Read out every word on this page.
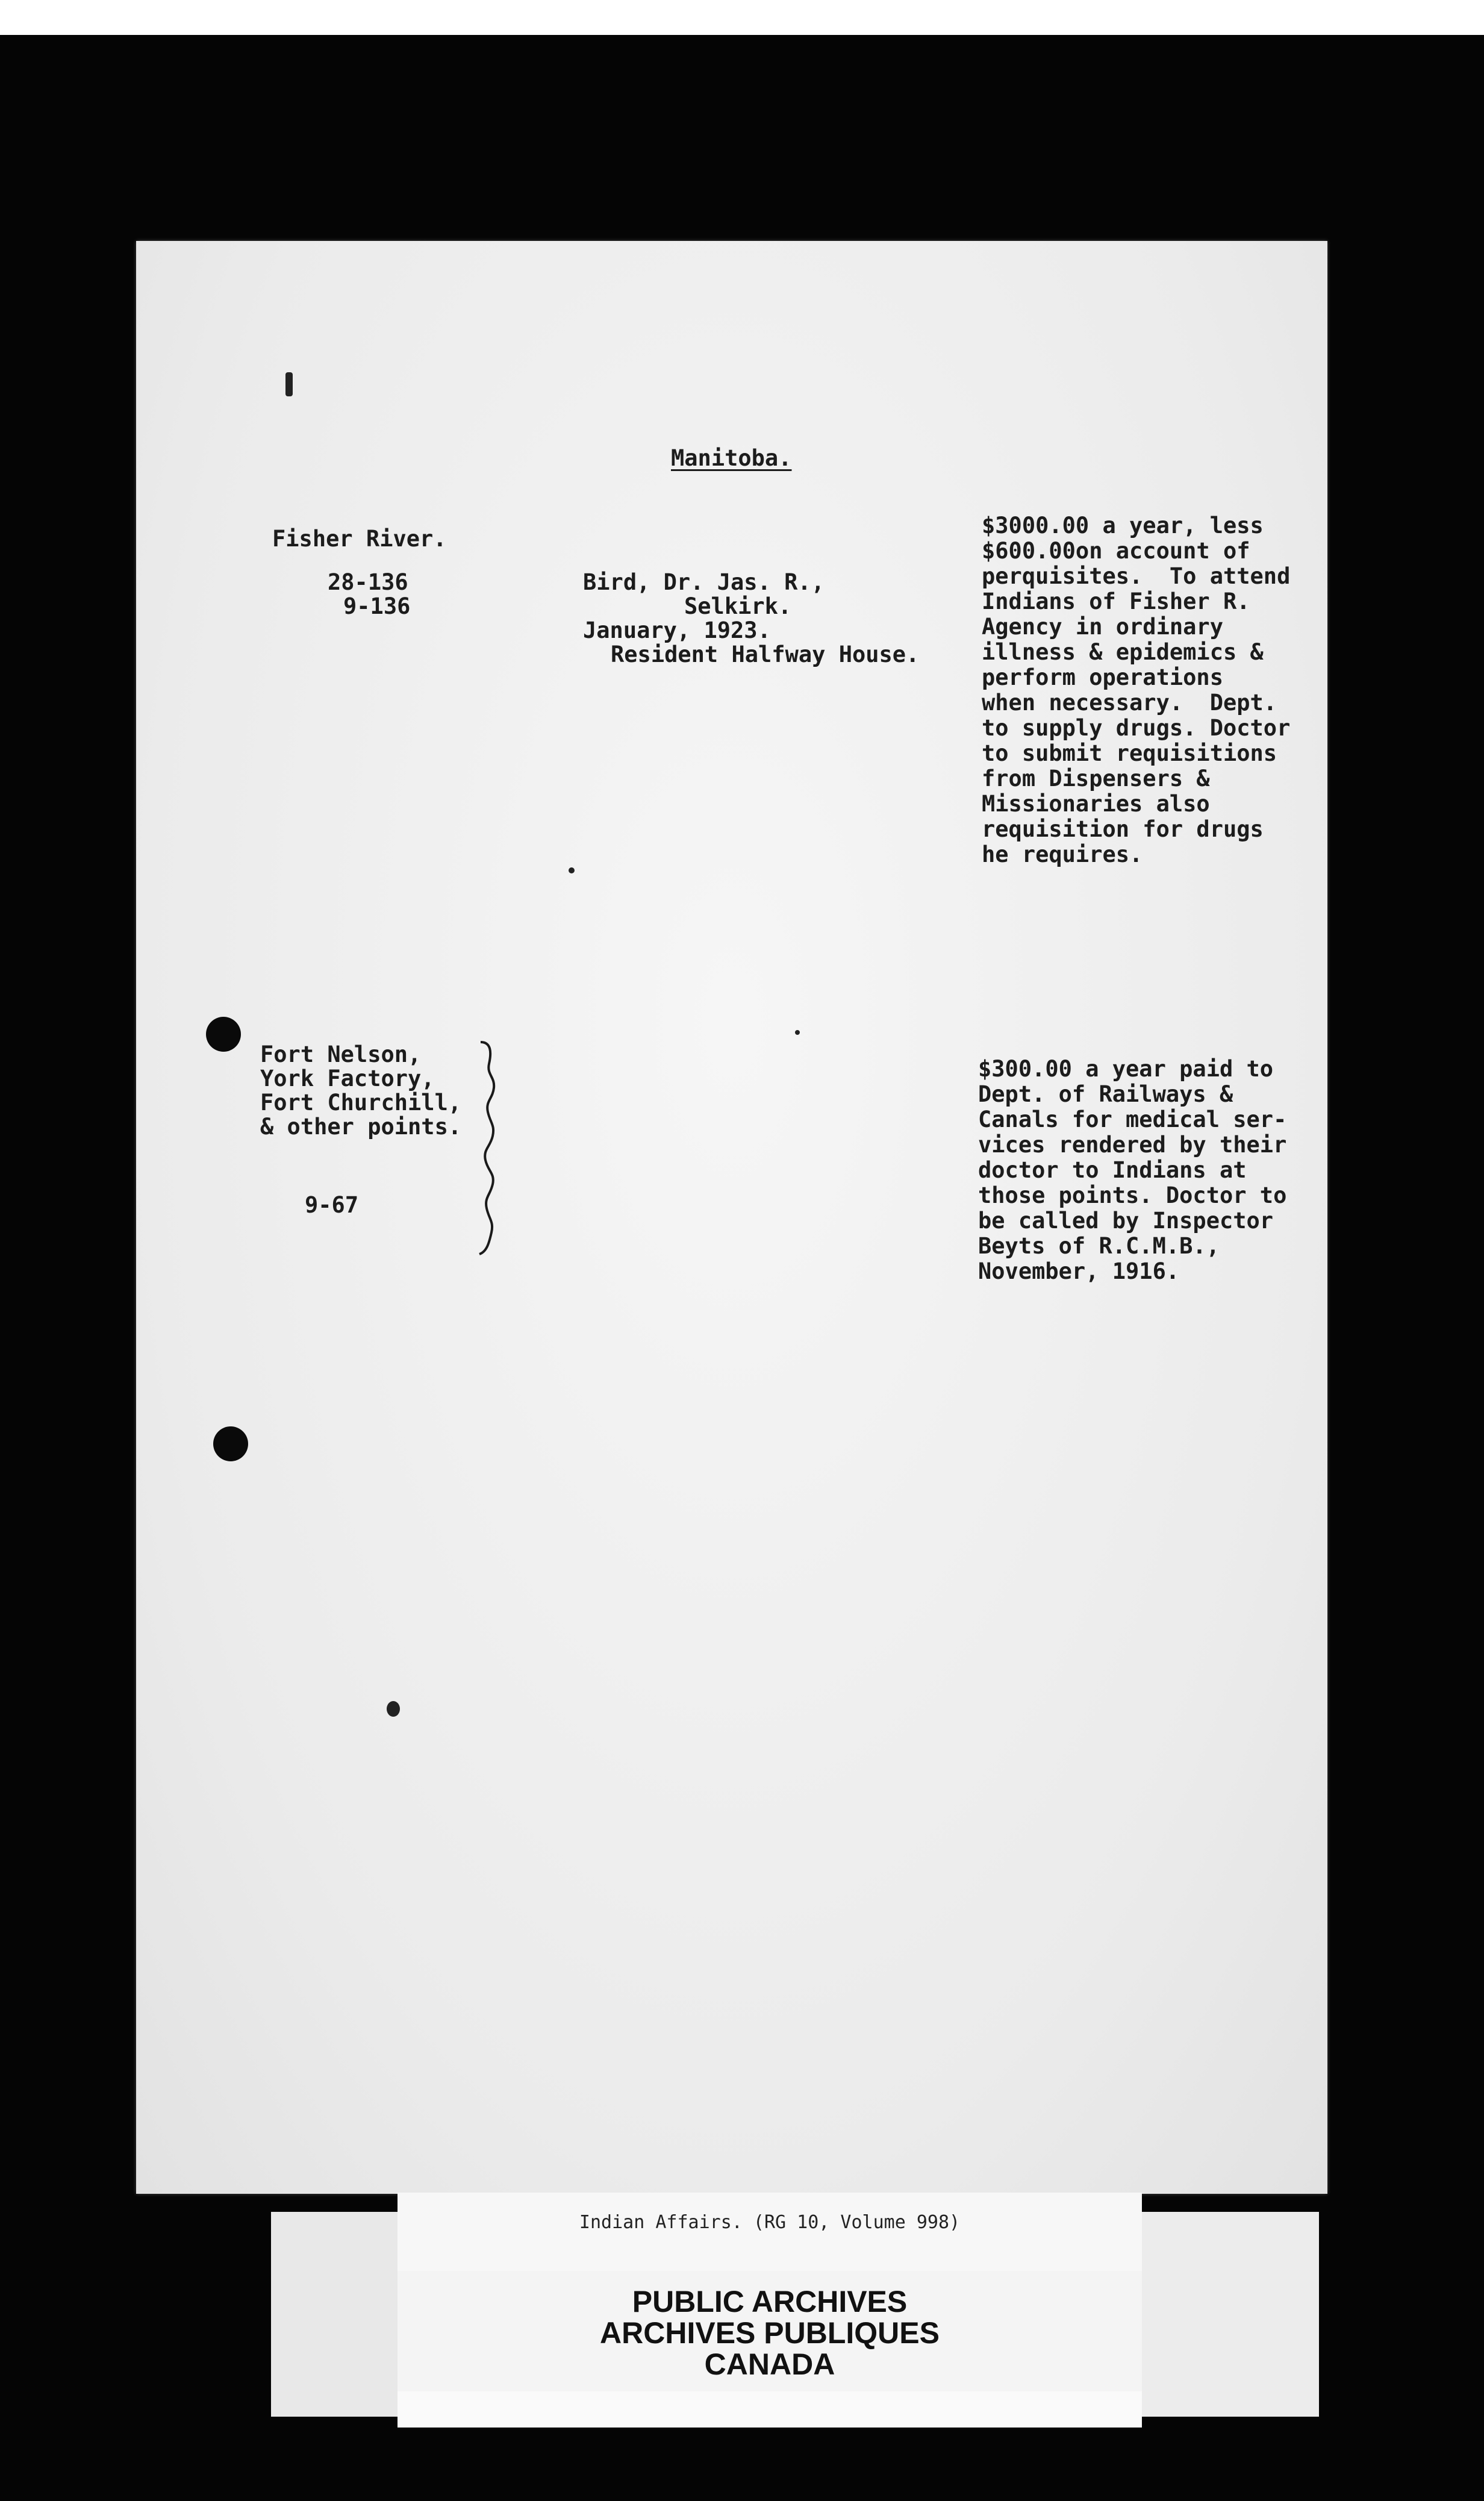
Manitoba.
Fisher River.
28-136
9-136
Bird, Dr. Jas. R.,
Selkirk.
January, 1923.
Resident Halfway House.
$3000.00 a year, less
$600.00on account of
perquisites.  To attend
Indians of Fisher R.
Agency in ordinary
illness & epidemics &
perform operations
when necessary.  Dept.
to supply drugs. Doctor
to submit requisitions
from Dispensers &
Missionaries also
requisition for drugs
he requires.
Fort Nelson,
York Factory,
Fort Churchill,
& other points.
9-67
$300.00 a year paid to
Dept. of Railways &
Canals for medical ser-
vices rendered by their
doctor to Indians at
those points. Doctor to
be called by Inspector
Beyts of R.C.M.B.,
November, 1916.
Indian Affairs. (RG 10, Volume 998)
PUBLIC ARCHIVES
ARCHIVES PUBLIQUES
CANADA
